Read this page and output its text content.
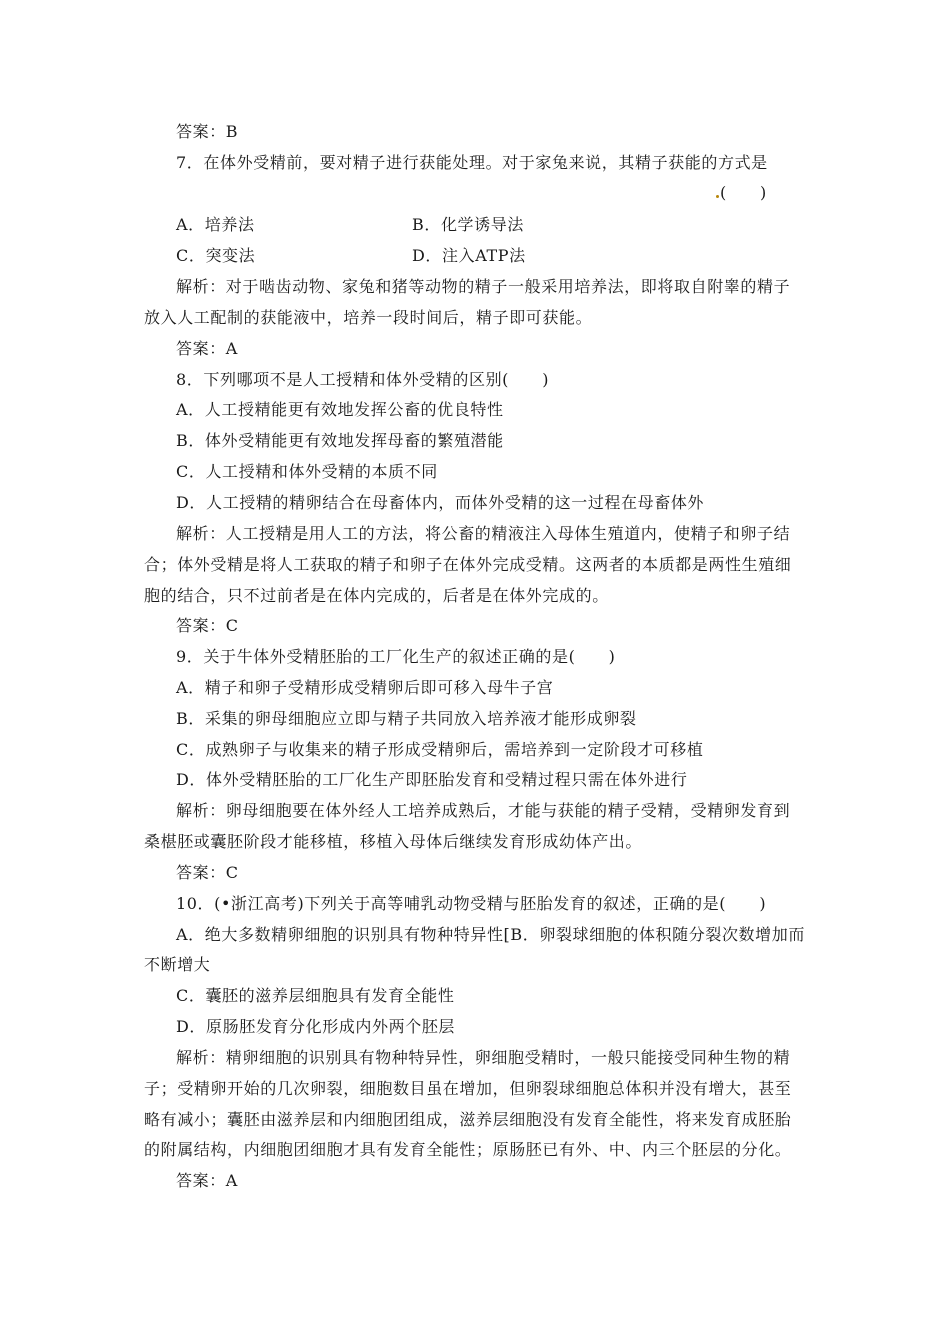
答案：B
7．在体外受精前，要对精子进行获能处理。对于家兔来说，其精子获能的方式是
(　　)
A．培养法	B．化学诱导法
C．突变法	D．注入ATP法
解析：对于啮齿动物、家兔和猪等动物的精子一般采用培养法，即将取自附睾的精子
放入人工配制的获能液中，培养一段时间后，精子即可获能。
答案：A
8．下列哪项不是人工授精和体外受精的区别(　　)
A．人工授精能更有效地发挥公畜的优良特性
B．体外受精能更有效地发挥母畜的繁殖潜能
C．人工授精和体外受精的本质不同
D．人工授精的精卵结合在母畜体内，而体外受精的这一过程在母畜体外
解析：人工授精是用人工的方法，将公畜的精液注入母体生殖道内，使精子和卵子结
合；体外受精是将人工获取的精子和卵子在体外完成受精。这两者的本质都是两性生殖细
胞的结合，只不过前者是在体内完成的，后者是在体外完成的。
答案：C
9．关于牛体外受精胚胎的工厂化生产的叙述正确的是(　　)
A．精子和卵子受精形成受精卵后即可移入母牛子宫
B．采集的卵母细胞应立即与精子共同放入培养液才能形成卵裂
C．成熟卵子与收集来的精子形成受精卵后，需培养到一定阶段才可移植
D．体外受精胚胎的工厂化生产即胚胎发育和受精过程只需在体外进行
解析：卵母细胞要在体外经人工培养成熟后，才能与获能的精子受精，受精卵发育到
桑椹胚或囊胚阶段才能移植，移植入母体后继续发育形成幼体产出。
答案：C
10．(•浙江高考)下列关于高等哺乳动物受精与胚胎发育的叙述，正确的是(　　)
A．绝大多数精卵细胞的识别具有物种特异性[B．卵裂球细胞的体积随分裂次数增加而
不断增大
C．囊胚的滋养层细胞具有发育全能性
D．原肠胚发育分化形成内外两个胚层
解析：精卵细胞的识别具有物种特异性，卵细胞受精时，一般只能接受同种生物的精
子；受精卵开始的几次卵裂，细胞数目虽在增加，但卵裂球细胞总体积并没有增大，甚至
略有减小；囊胚由滋养层和内细胞团组成，滋养层细胞没有发育全能性，将来发育成胚胎
的附属结构，内细胞团细胞才具有发育全能性；原肠胚已有外、中、内三个胚层的分化。
答案：A
